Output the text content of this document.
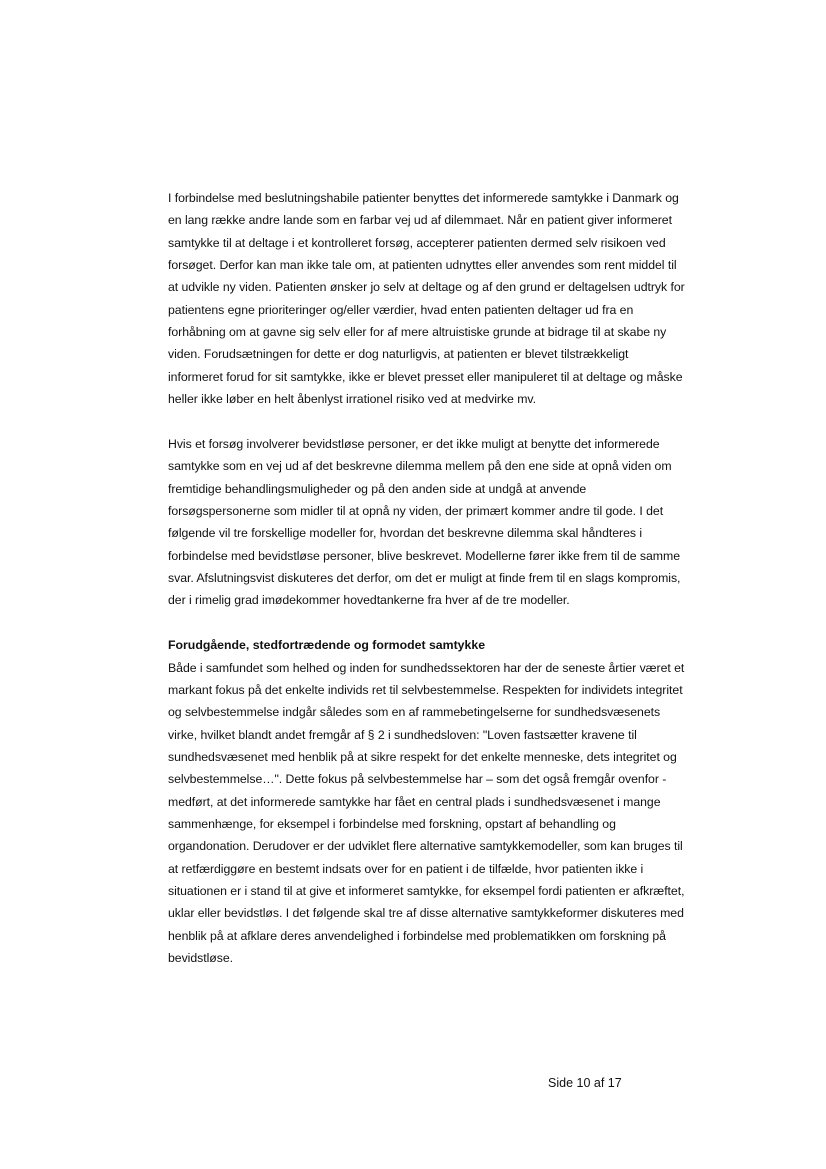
I forbindelse med beslutningshabile patienter benyttes det informerede samtykke i Danmark og
en lang række andre lande som en farbar vej ud af dilemmaet. Når en patient giver informeret
samtykke til at deltage i et kontrolleret forsøg, accepterer patienten dermed selv risikoen ved
forsøget. Derfor kan man ikke tale om, at patienten udnyttes eller anvendes som rent middel til
at udvikle ny viden. Patienten ønsker jo selv at deltage og af den grund er deltagelsen udtryk for
patientens egne prioriteringer og/eller værdier, hvad enten patienten deltager ud fra en
forhåbning om at gavne sig selv eller for af mere altruistiske grunde at bidrage til at skabe ny
viden. Forudsætningen for dette er dog naturligvis, at patienten er blevet tilstrækkeligt
informeret forud for sit samtykke, ikke er blevet presset eller manipuleret til at deltage og måske
heller ikke løber en helt åbenlyst irrationel risiko ved at medvirke mv.
Hvis et forsøg involverer bevidstløse personer, er det ikke muligt at benytte det informerede
samtykke som en vej ud af det beskrevne dilemma mellem på den ene side at opnå viden om
fremtidige behandlingsmuligheder og på den anden side at undgå at anvende
forsøgspersonerne som midler til at opnå ny viden, der primært kommer andre til gode. I det
følgende vil tre forskellige modeller for, hvordan det beskrevne dilemma skal håndteres i
forbindelse med bevidstløse personer, blive beskrevet. Modellerne fører ikke frem til de samme
svar. Afslutningsvist diskuteres det derfor, om det er muligt at finde frem til en slags kompromis,
der i rimelig grad imødekommer hovedtankerne fra hver af de tre modeller.
Forudgående, stedfortrædende og formodet samtykke
Både i samfundet som helhed og inden for sundhedssektoren har der de seneste årtier været et
markant fokus på det enkelte individs ret til selvbestemmelse. Respekten for individets integritet
og selvbestemmelse indgår således som en af rammebetingelserne for sundhedsvæsenets
virke, hvilket blandt andet fremgår af § 2 i sundhedsloven: "Loven fastsætter kravene til
sundhedsvæsenet med henblik på at sikre respekt for det enkelte menneske, dets integritet og
selvbestemmelse…". Dette fokus på selvbestemmelse har – som det også fremgår ovenfor -
medført, at det informerede samtykke har fået en central plads i sundhedsvæsenet i mange
sammenhænge, for eksempel i forbindelse med forskning, opstart af behandling og
organdonation. Derudover er der udviklet flere alternative samtykkemodeller, som kan bruges til
at retfærdiggøre en bestemt indsats over for en patient i de tilfælde, hvor patienten ikke i
situationen er i stand til at give et informeret samtykke, for eksempel fordi patienten er afkræftet,
uklar eller bevidstløs. I det følgende skal tre af disse alternative samtykkeformer diskuteres med
henblik på at afklare deres anvendelighed i forbindelse med problematikken om forskning på
bevidstløse.
Side 10 af 17
